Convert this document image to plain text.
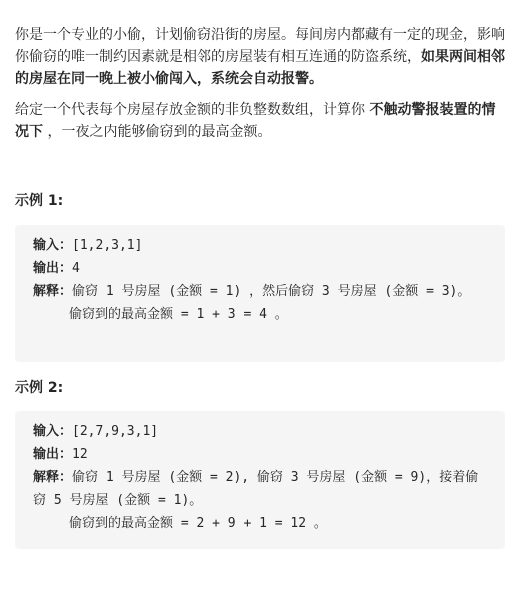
你是一个专业的小偷，计划偷窃沿街的房屋。每间房内都藏有一定的现金，影响你偷窃的唯一制约因素就是相邻的房屋装有相互连通的防盗系统，如果两间相邻的房屋在同一晚上被小偷闯入，系统会自动报警。

给定一个代表每个房屋存放金额的非负整数数组，计算你 不触动警报装置的情况下 ，一夜之内能够偷窃到的最高金额。

示例 1:
输入：[1,2,3,1]
输出：4
解释：偷窃 1 号房屋 (金额 = 1) ，然后偷窃 3 号房屋 (金额 = 3)。
偷窃到的最高金额 = 1 + 3 = 4 。
示例 2:
输入：[2,7,9,3,1]
输出：12
解释：偷窃 1 号房屋 (金额 = 2), 偷窃 3 号房屋 (金额 = 9)，接着偷窃 5 号房屋 (金额 = 1)。
偷窃到的最高金额 = 2 + 9 + 1 = 12 。
